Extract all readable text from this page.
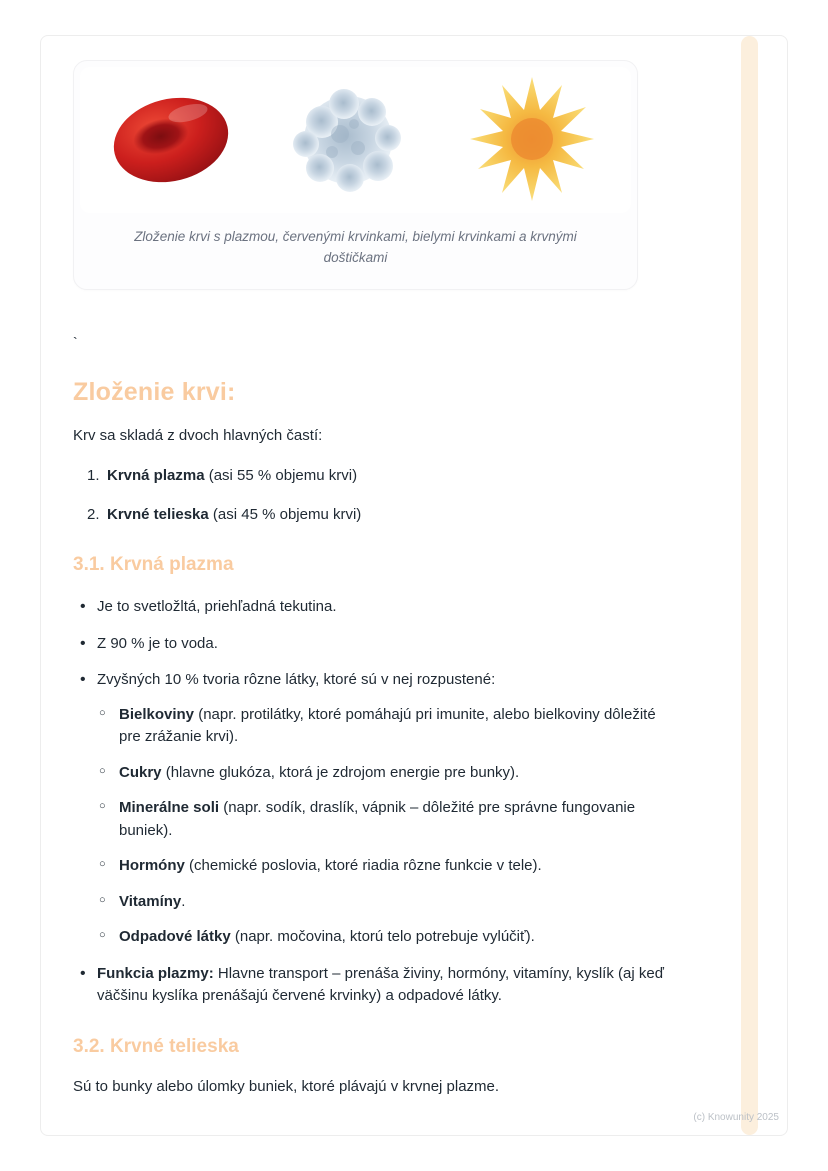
Zloženie krvi s plazmou, červenými krvinkami, bielymi krvinkami a krvnými doštičkami
`
Zloženie krvi:

Krv sa skladá z dvoch hlavných častí:

1. Krvná plazma (asi 55 % objemu krvi)
2. Krvné telieska (asi 45 % objemu krvi)
3.1. Krvná plazma
• Je to svetložltá, priehľadná tekutina.
• Z 90 % je to voda.
• Zvyšných 10 % tvoria rôzne látky, ktoré sú v nej rozpustené:
○ Bielkoviny (napr. protilátky, ktoré pomáhajú pri imunite, alebo bielkoviny dôležité pre zrážanie krvi).
○ Cukry (hlavne glukóza, ktorá je zdrojom energie pre bunky).
○ Minerálne soli (napr. sodík, draslík, vápnik – dôležité pre správne fungovanie buniek).
○ Hormóny (chemické poslovia, ktoré riadia rôzne funkcie v tele).
○ Vitamíny.
○ Odpadové látky (napr. močovina, ktorú telo potrebuje vylúčiť).
• Funkcia plazmy: Hlavne transport – prenáša živiny, hormóny, vitamíny, kyslík (aj keď väčšinu kyslíka prenášajú červené krvinky) a odpadové látky.
3.2. Krvné telieska

Sú to bunky alebo úlomky buniek, ktoré plávajú v krvnej plazme.

(c) Knowunity 2025
